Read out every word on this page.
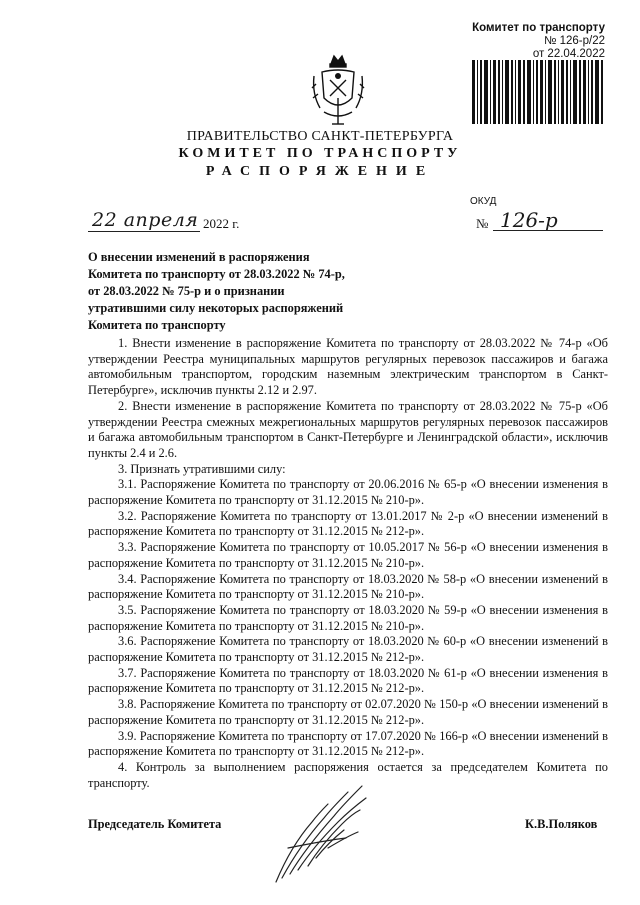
Комитет по транспорту
№ 126-р/22
от 22.04.2022
ПРАВИТЕЛЬСТВО САНКТ-ПЕТЕРБУРГА
КОМИТЕТ ПО ТРАНСПОРТУ
РАСПОРЯЖЕНИЕ
ОКУД
22 апреля 2022 г.	№ 126-р
О внесении изменений в распоряжения
Комитета по транспорту от 28.03.2022 № 74-р,
от 28.03.2022 № 75-р и о признании
утратившими силу некоторых распоряжений
Комитета по транспорту

1. Внести изменение в распоряжение Комитета по транспорту от 28.03.2022 № 74-р «Об утверждении Реестра муниципальных маршрутов регулярных перевозок пассажиров и багажа автомобильным транспортом, городским наземным электрическим транспортом в Санкт-Петербурге», исключив пункты 2.12 и 2.97.

2. Внести изменение в распоряжение Комитета по транспорту от 28.03.2022 № 75-р «Об утверждении Реестра смежных межрегиональных маршрутов регулярных перевозок пассажиров и багажа автомобильным транспортом в Санкт-Петербурге и Ленинградской области», исключив пункты 2.4 и 2.6.

3. Признать утратившими силу:

3.1. Распоряжение Комитета по транспорту от 20.06.2016 № 65-р «О внесении изменения в распоряжение Комитета по транспорту от 31.12.2015 № 210-р».

3.2. Распоряжение Комитета по транспорту от 13.01.2017 № 2-р «О внесении изменений в распоряжение Комитета по транспорту от 31.12.2015 № 212-р».

3.3. Распоряжение Комитета по транспорту от 10.05.2017 № 56-р «О внесении изменения в распоряжение Комитета по транспорту от 31.12.2015 № 210-р».

3.4. Распоряжение Комитета по транспорту от 18.03.2020 № 58-р «О внесении изменений в распоряжение Комитета по транспорту от 31.12.2015 № 210-р».

3.5. Распоряжение Комитета по транспорту от 18.03.2020 № 59-р «О внесении изменения в распоряжение Комитета по транспорту от 31.12.2015 № 210-р».

3.6. Распоряжение Комитета по транспорту от 18.03.2020 № 60-р «О внесении изменений в распоряжение Комитета по транспорту от 31.12.2015 № 212-р».

3.7. Распоряжение Комитета по транспорту от 18.03.2020 № 61-р «О внесении изменения в распоряжение Комитета по транспорту от 31.12.2015 № 212-р».

3.8. Распоряжение Комитета по транспорту от 02.07.2020 № 150-р «О внесении изменений в распоряжение Комитета по транспорту от 31.12.2015 № 212-р».

3.9. Распоряжение Комитета по транспорту от 17.07.2020 № 166-р «О внесении изменений в распоряжение Комитета по транспорту от 31.12.2015 № 212-р».

4. Контроль за выполнением распоряжения остается за председателем Комитета по транспорту.

Председатель Комитета	К.В.Поляков
